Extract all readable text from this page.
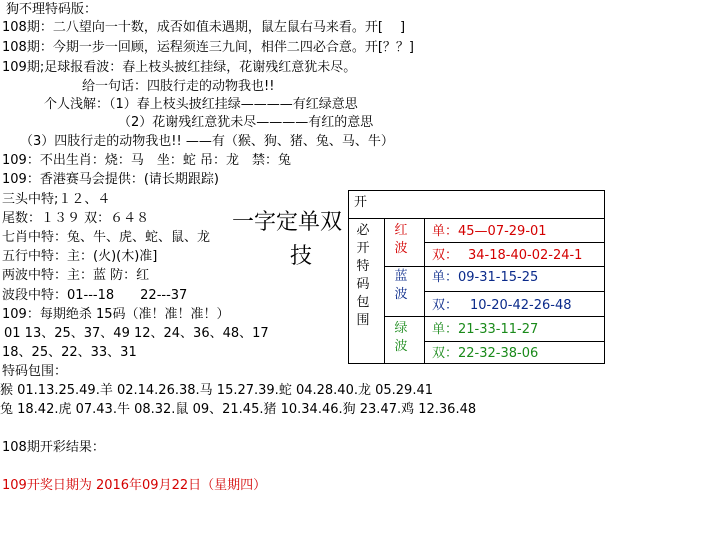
狗不理特码版：
108期：二八望向一十数，成否如值未遇期，鼠左鼠右马来看。开[　 ]
108期：今期一步一回顾，运程须连三九间，相伴二四必合意。开[？？]
109期;足球报看波：春上枝头披红挂绿，花谢残红意犹未尽。
给一句话：四肢行走的动物我也!!
个人浅解：（1）春上枝头披红挂绿————有红绿意思
（2）花谢残红意犹未尽————有红的意思
（3）四肢行走的动物我也!! ——有（猴、狗、猪、兔、马、牛）
109：不出生肖：烧：马　坐：蛇 吊：龙　禁：兔
109：香港赛马会提供：(请长期跟踪)
三头中特;１２、４
尾数：１３９ 双：６４８
七肖中特：兔、牛、虎、蛇、鼠、龙
五行中特：主：(火)(木)准]
两波中特：主：蓝 防：红
波段中特：01---18　　22---37
109：每期绝杀 15码（准！准！准！）
01 13、25、37、49 12、24、36、48、17
18、25、22、33、31
特码包围：
猴 01.13.25.49.羊 02.14.26.38.马 15.27.39.蛇 04.28.40.龙 05.29.41
兔 18.42.虎 07.43.牛 08.32.鼠 09、21.45.猪 10.34.46.狗 23.47.鸡 12.36.48
108期开彩结果：
109开奖日期为 2016年09月22日（星期四）
一字定单双
技
开
必开特码包围
红波
蓝波
绿波
单：45—07-29-01
双： 34-18-40-02-24-1
单：09-31-15-25
双： 10-20-42-26-48
单：21-33-11-27
双：22-32-38-06
